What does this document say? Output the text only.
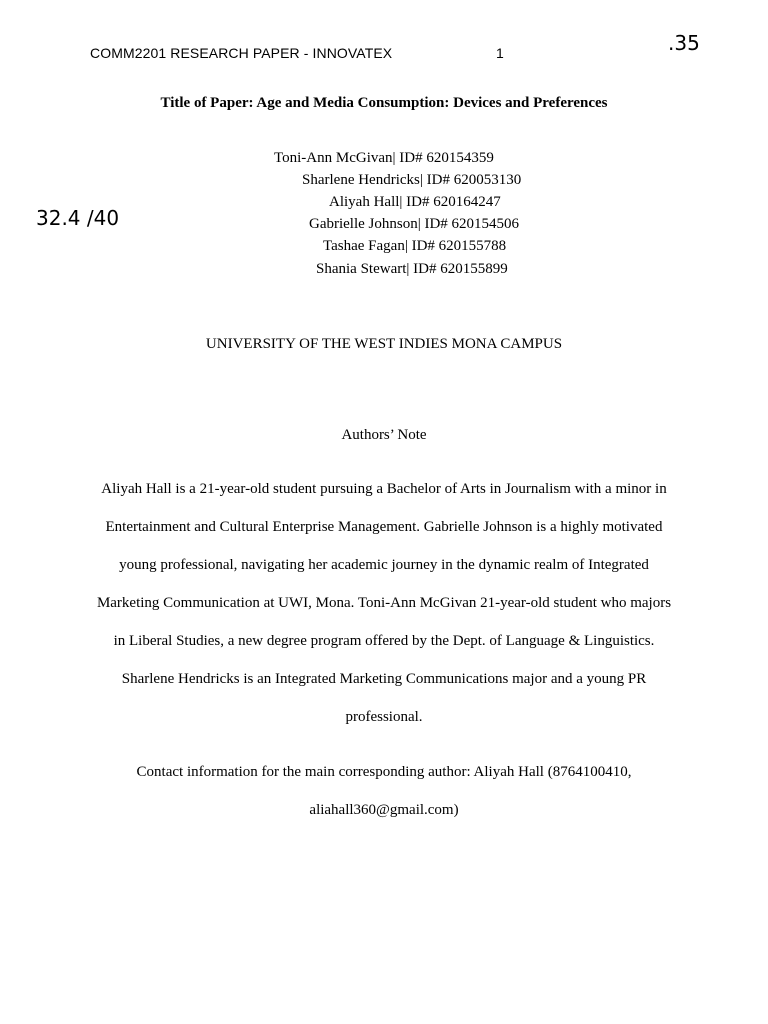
COMM2201 RESEARCH PAPER - INNOVATEX	1	.35
32.4 /40
Title of Paper: Age and Media Consumption: Devices and Preferences
Toni-Ann McGivan| ID# 620154359
Sharlene Hendricks| ID# 620053130
Aliyah Hall| ID# 620164247
Gabrielle Johnson| ID# 620154506
Tashae Fagan| ID# 620155788
Shania Stewart| ID# 620155899
UNIVERSITY OF THE WEST INDIES MONA CAMPUS
Authors’ Note
Aliyah Hall is a 21-year-old student pursuing a Bachelor of Arts in Journalism with a minor in
Entertainment and Cultural Enterprise Management. Gabrielle Johnson is a highly motivated
young professional, navigating her academic journey in the dynamic realm of Integrated
Marketing Communication at UWI, Mona. Toni-Ann McGivan 21-year-old student who majors
in Liberal Studies, a new degree program offered by the Dept. of Language & Linguistics.
Sharlene Hendricks is an Integrated Marketing Communications major and a young PR
professional.
Contact information for the main corresponding author: Aliyah Hall (8764100410,
aliahall360@gmail.com)
